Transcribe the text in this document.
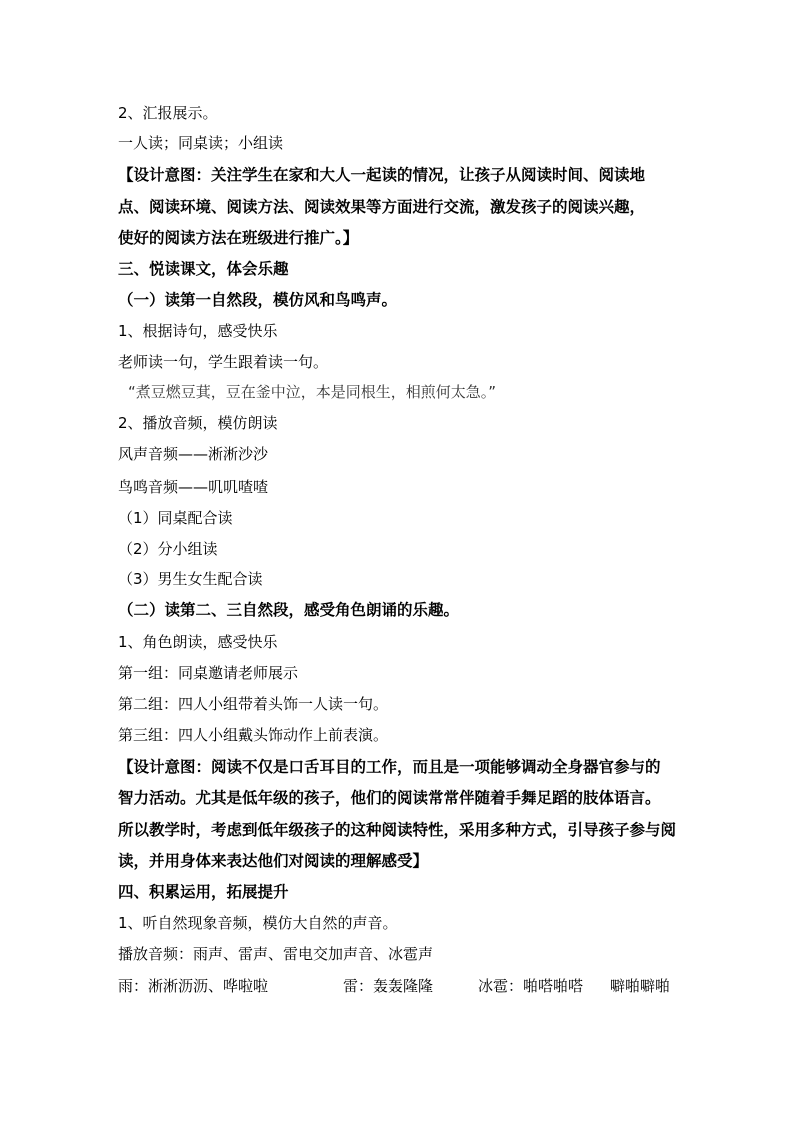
2、汇报展示。
一人读；同桌读；小组读
【设计意图：关注学生在家和大人一起读的情况，让孩子从阅读时间、阅读地
点、阅读环境、阅读方法、阅读效果等方面进行交流，激发孩子的阅读兴趣，
使好的阅读方法在班级进行推广。】
三、悦读课文，体会乐趣
（一）读第一自然段，模仿风和鸟鸣声。
1、根据诗句，感受快乐
老师读一句，学生跟着读一句。
“煮豆燃豆萁，豆在釜中泣，本是同根生，相煎何太急。”
2、播放音频，模仿朗读
风声音频——淅淅沙沙
鸟鸣音频——叽叽喳喳
（1）同桌配合读
（2）分小组读
（3）男生女生配合读
（二）读第二、三自然段，感受角色朗诵的乐趣。
1、角色朗读，感受快乐
第一组：同桌邀请老师展示
第二组：四人小组带着头饰一人读一句。
第三组：四人小组戴头饰动作上前表演。
【设计意图：阅读不仅是口舌耳目的工作，而且是一项能够调动全身器官参与的
智力活动。尤其是低年级的孩子，他们的阅读常常伴随着手舞足蹈的肢体语言。
所以教学时，考虑到低年级孩子的这种阅读特性，采用多种方式，引导孩子参与阅
读，并用身体来表达他们对阅读的理解感受】
四、积累运用，拓展提升
1、听自然现象音频，模仿大自然的声音。
播放音频：雨声、雷声、雷电交加声音、冰雹声
雨：淅淅沥沥、哗啦啦	雷：轰轰隆隆	冰雹：啪嗒啪嗒 噼啪噼啪
